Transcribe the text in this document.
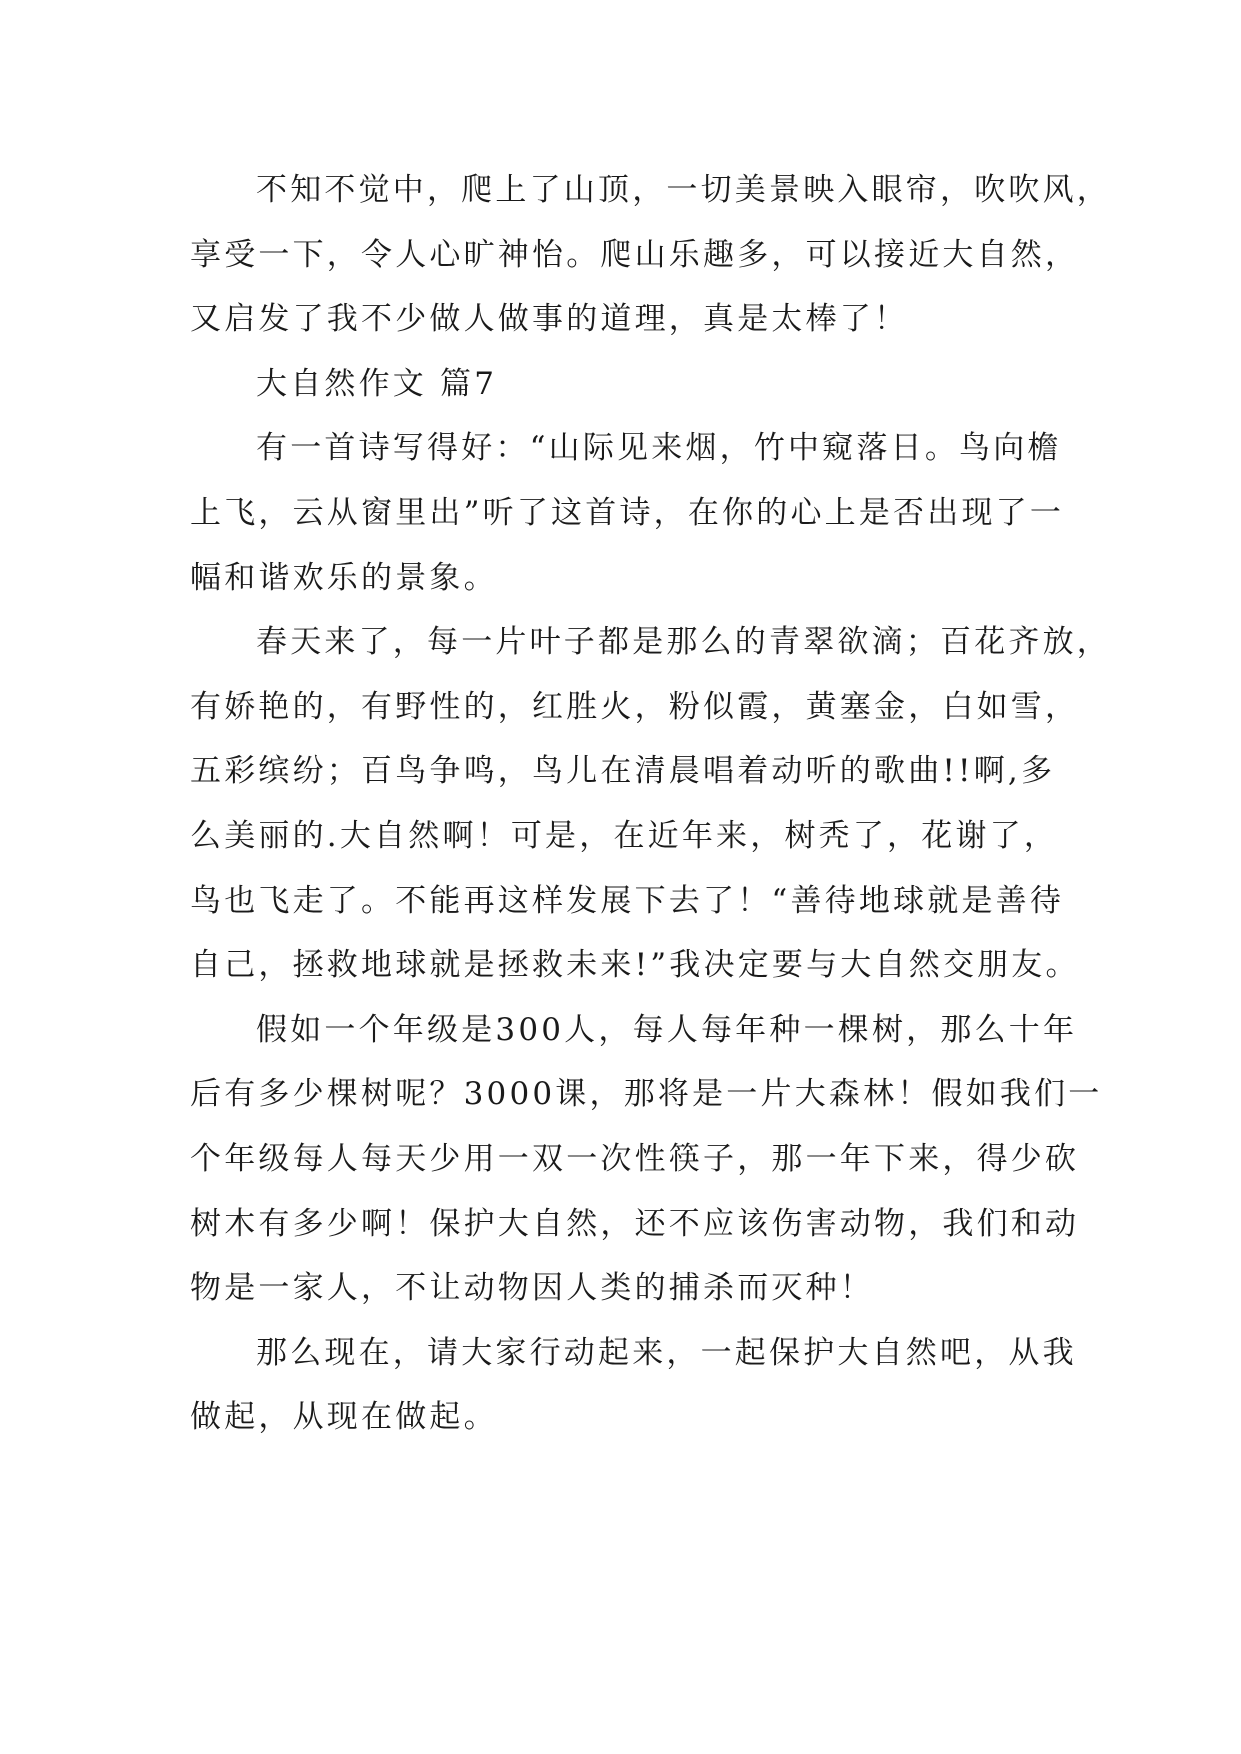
不知不觉中，爬上了山顶，一切美景映入眼帘，吹吹风，
享受一下，令人心旷神怡。爬山乐趣多，可以接近大自然，
又启发了我不少做人做事的道理，真是太棒了！
大自然作文 篇7
有一首诗写得好：“山际见来烟，竹中窥落日。鸟向檐
上飞，云从窗里出”听了这首诗，在你的心上是否出现了一
幅和谐欢乐的景象。
春天来了，每一片叶子都是那么的青翠欲滴；百花齐放，
有娇艳的，有野性的，红胜火，粉似霞，黄塞金，白如雪，
五彩缤纷；百鸟争鸣，鸟儿在清晨唱着动听的歌曲!!啊,多
么美丽的.大自然啊！可是，在近年来，树秃了，花谢了，
鸟也飞走了。不能再这样发展下去了！“善待地球就是善待
自己，拯救地球就是拯救未来!”我决定要与大自然交朋友。
假如一个年级是300人，每人每年种一棵树，那么十年
后有多少棵树呢？3000课，那将是一片大森林！假如我们一
个年级每人每天少用一双一次性筷子，那一年下来，得少砍
树木有多少啊！保护大自然，还不应该伤害动物，我们和动
物是一家人，不让动物因人类的捕杀而灭种！
那么现在，请大家行动起来，一起保护大自然吧，从我
做起，从现在做起。
